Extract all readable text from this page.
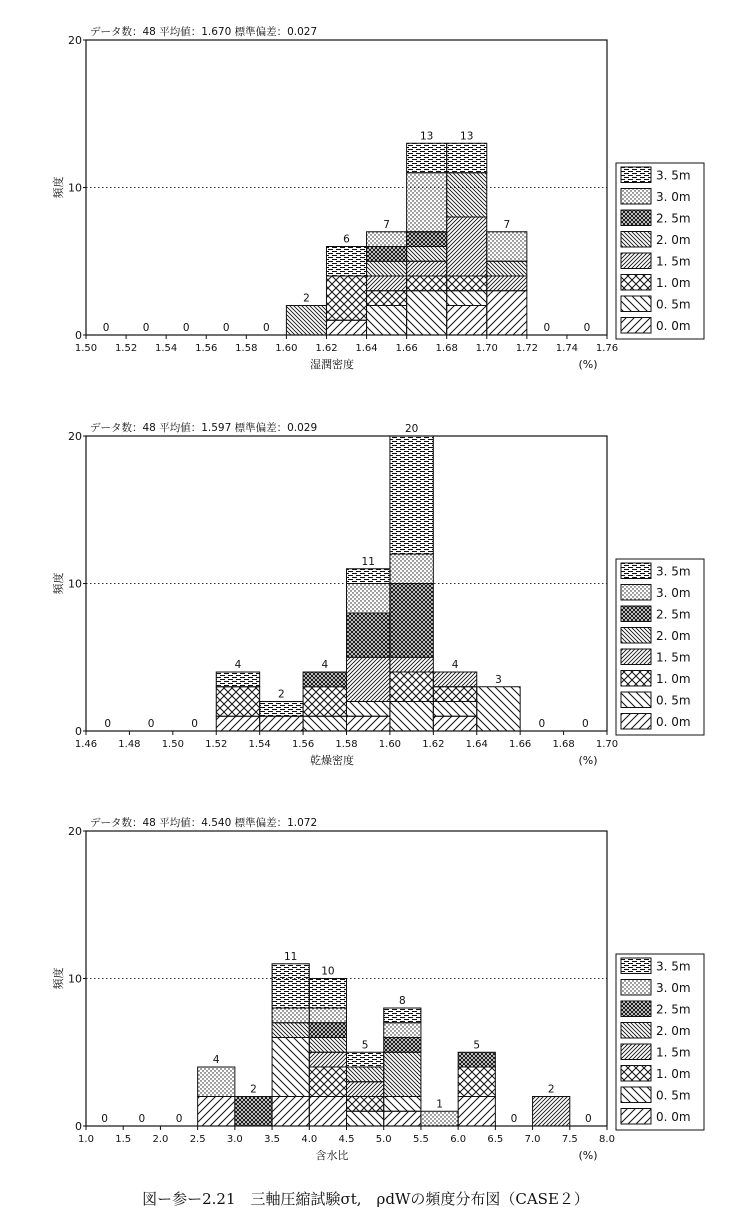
データ数：48 平均値：1.670 標準偏差：0.027
0
10
20
頻度
0	0	0	0	0
2
6
7
13	13
7
0	0
1.50 1.52 1.54 1.56 1.58 1.60 1.62 1.64 1.66 1.68 1.70 1.72 1.74 1.76
湿潤密度	(%)
3. 5m
3. 0m
2. 5m
2. 0m
1. 5m
1. 0m
0. 5m
0. 0m
データ数：48 平均値：1.597 標準偏差：0.029
0
10
20
頻度
0	0	0
4
2
4
11
20
4
3
0	0
1.46 1.48 1.50 1.52 1.54 1.56 1.58 1.60 1.62 1.64 1.66 1.68 1.70
乾燥密度	(%)
3. 5m
3. 0m
2. 5m
2. 0m
1. 5m
1. 0m
0. 5m
0. 0m
データ数：48 平均値：4.540 標準偏差：1.072
0
10
20
頻度
0	0	0
4
2
11
10
5
8
1
5
0
2
0
1.0 1.5 2.0 2.5 3.0 3.5 4.0 4.5 5.0 5.5 6.0 6.5 7.0 7.5 8.0
含水比	(%)
3. 5m
3. 0m
2. 5m
2. 0m
1. 5m
1. 0m
0. 5m
0. 0m
図ー参ー2.21　三軸圧縮試験σt,　ρdWの頻度分布図（CASE２）
